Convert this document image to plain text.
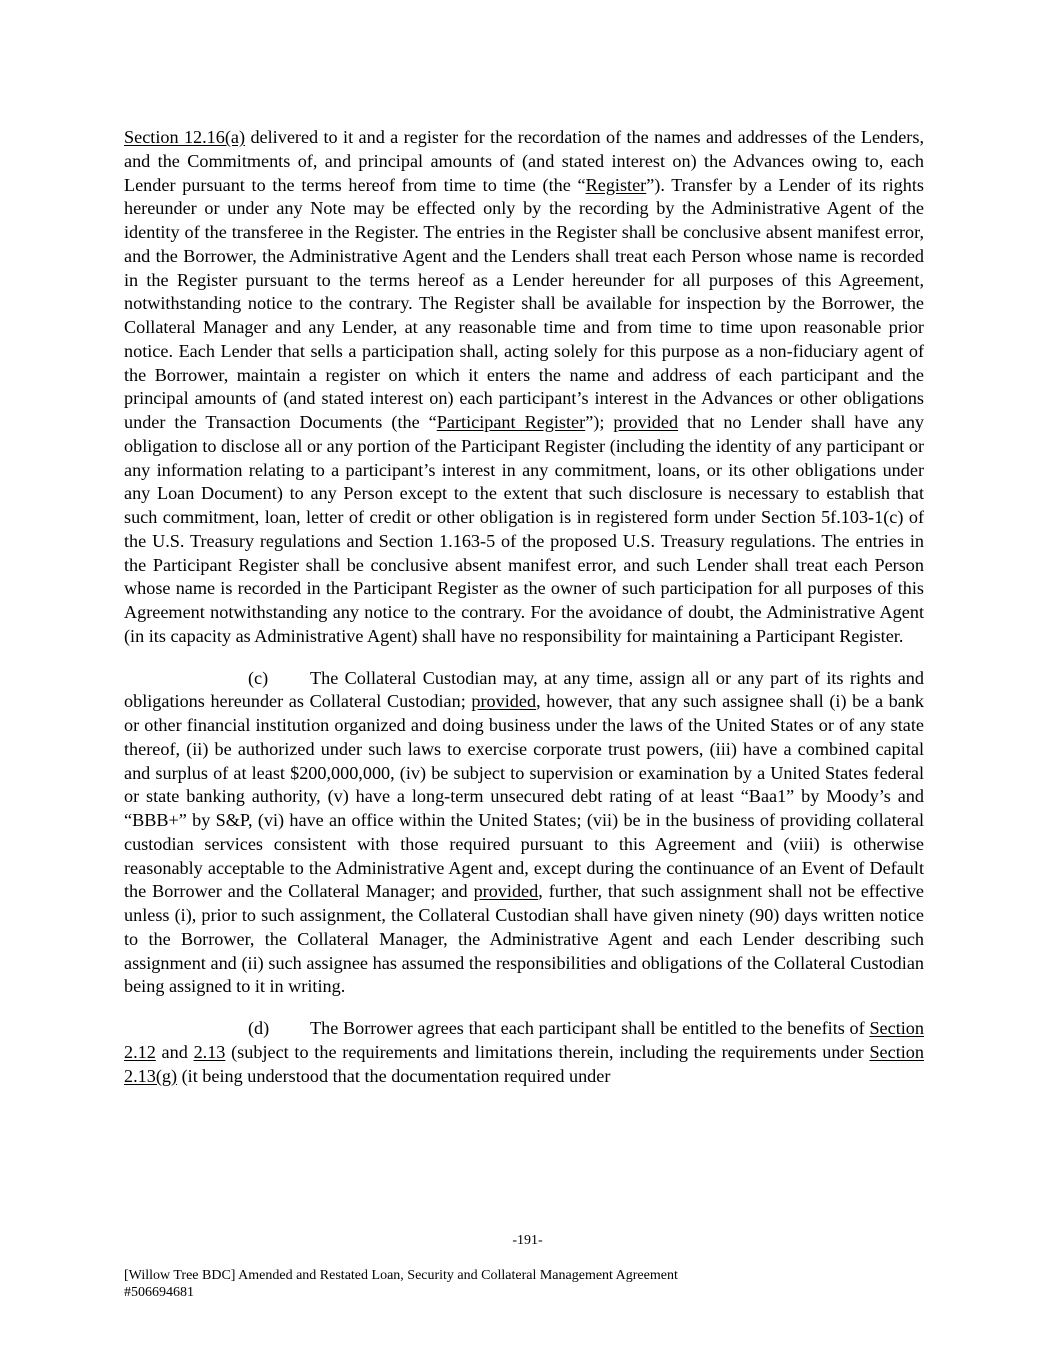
Section 12.16(a) delivered to it and a register for the recordation of the names and addresses of the Lenders, and the Commitments of, and principal amounts of (and stated interest on) the Advances owing to, each Lender pursuant to the terms hereof from time to time (the “Register”). Transfer by a Lender of its rights hereunder or under any Note may be effected only by the recording by the Administrative Agent of the identity of the transferee in the Register. The entries in the Register shall be conclusive absent manifest error, and the Borrower, the Administrative Agent and the Lenders shall treat each Person whose name is recorded in the Register pursuant to the terms hereof as a Lender hereunder for all purposes of this Agreement, notwithstanding notice to the contrary. The Register shall be available for inspection by the Borrower, the Collateral Manager and any Lender, at any reasonable time and from time to time upon reasonable prior notice. Each Lender that sells a participation shall, acting solely for this purpose as a non-fiduciary agent of the Borrower, maintain a register on which it enters the name and address of each participant and the principal amounts of (and stated interest on) each participant’s interest in the Advances or other obligations under the Transaction Documents (the “Participant Register”); provided that no Lender shall have any obligation to disclose all or any portion of the Participant Register (including the identity of any participant or any information relating to a participant’s interest in any commitment, loans, or its other obligations under any Loan Document) to any Person except to the extent that such disclosure is necessary to establish that such commitment, loan, letter of credit or other obligation is in registered form under Section 5f.103-1(c) of the U.S. Treasury regulations and Section 1.163-5 of the proposed U.S. Treasury regulations. The entries in the Participant Register shall be conclusive absent manifest error, and such Lender shall treat each Person whose name is recorded in the Participant Register as the owner of such participation for all purposes of this Agreement notwithstanding any notice to the contrary. For the avoidance of doubt, the Administrative Agent (in its capacity as Administrative Agent) shall have no responsibility for maintaining a Participant Register.

(c) The Collateral Custodian may, at any time, assign all or any part of its rights and obligations hereunder as Collateral Custodian; provided, however, that any such assignee shall (i) be a bank or other financial institution organized and doing business under the laws of the United States or of any state thereof, (ii) be authorized under such laws to exercise corporate trust powers, (iii) have a combined capital and surplus of at least $200,000,000, (iv) be subject to supervision or examination by a United States federal or state banking authority, (v) have a long-term unsecured debt rating of at least “Baa1” by Moody’s and “BBB+” by S&P, (vi) have an office within the United States; (vii) be in the business of providing collateral custodian services consistent with those required pursuant to this Agreement and (viii) is otherwise reasonably acceptable to the Administrative Agent and, except during the continuance of an Event of Default the Borrower and the Collateral Manager; and provided, further, that such assignment shall not be effective unless (i), prior to such assignment, the Collateral Custodian shall have given ninety (90) days written notice to the Borrower, the Collateral Manager, the Administrative Agent and each Lender describing such assignment and (ii) such assignee has assumed the responsibilities and obligations of the Collateral Custodian being assigned to it in writing.

(d) The Borrower agrees that each participant shall be entitled to the benefits of Section 2.12 and 2.13 (subject to the requirements and limitations therein, including the requirements under Section 2.13(g) (it being understood that the documentation required under

-191-
[Willow Tree BDC] Amended and Restated Loan, Security and Collateral Management Agreement
#506694681
